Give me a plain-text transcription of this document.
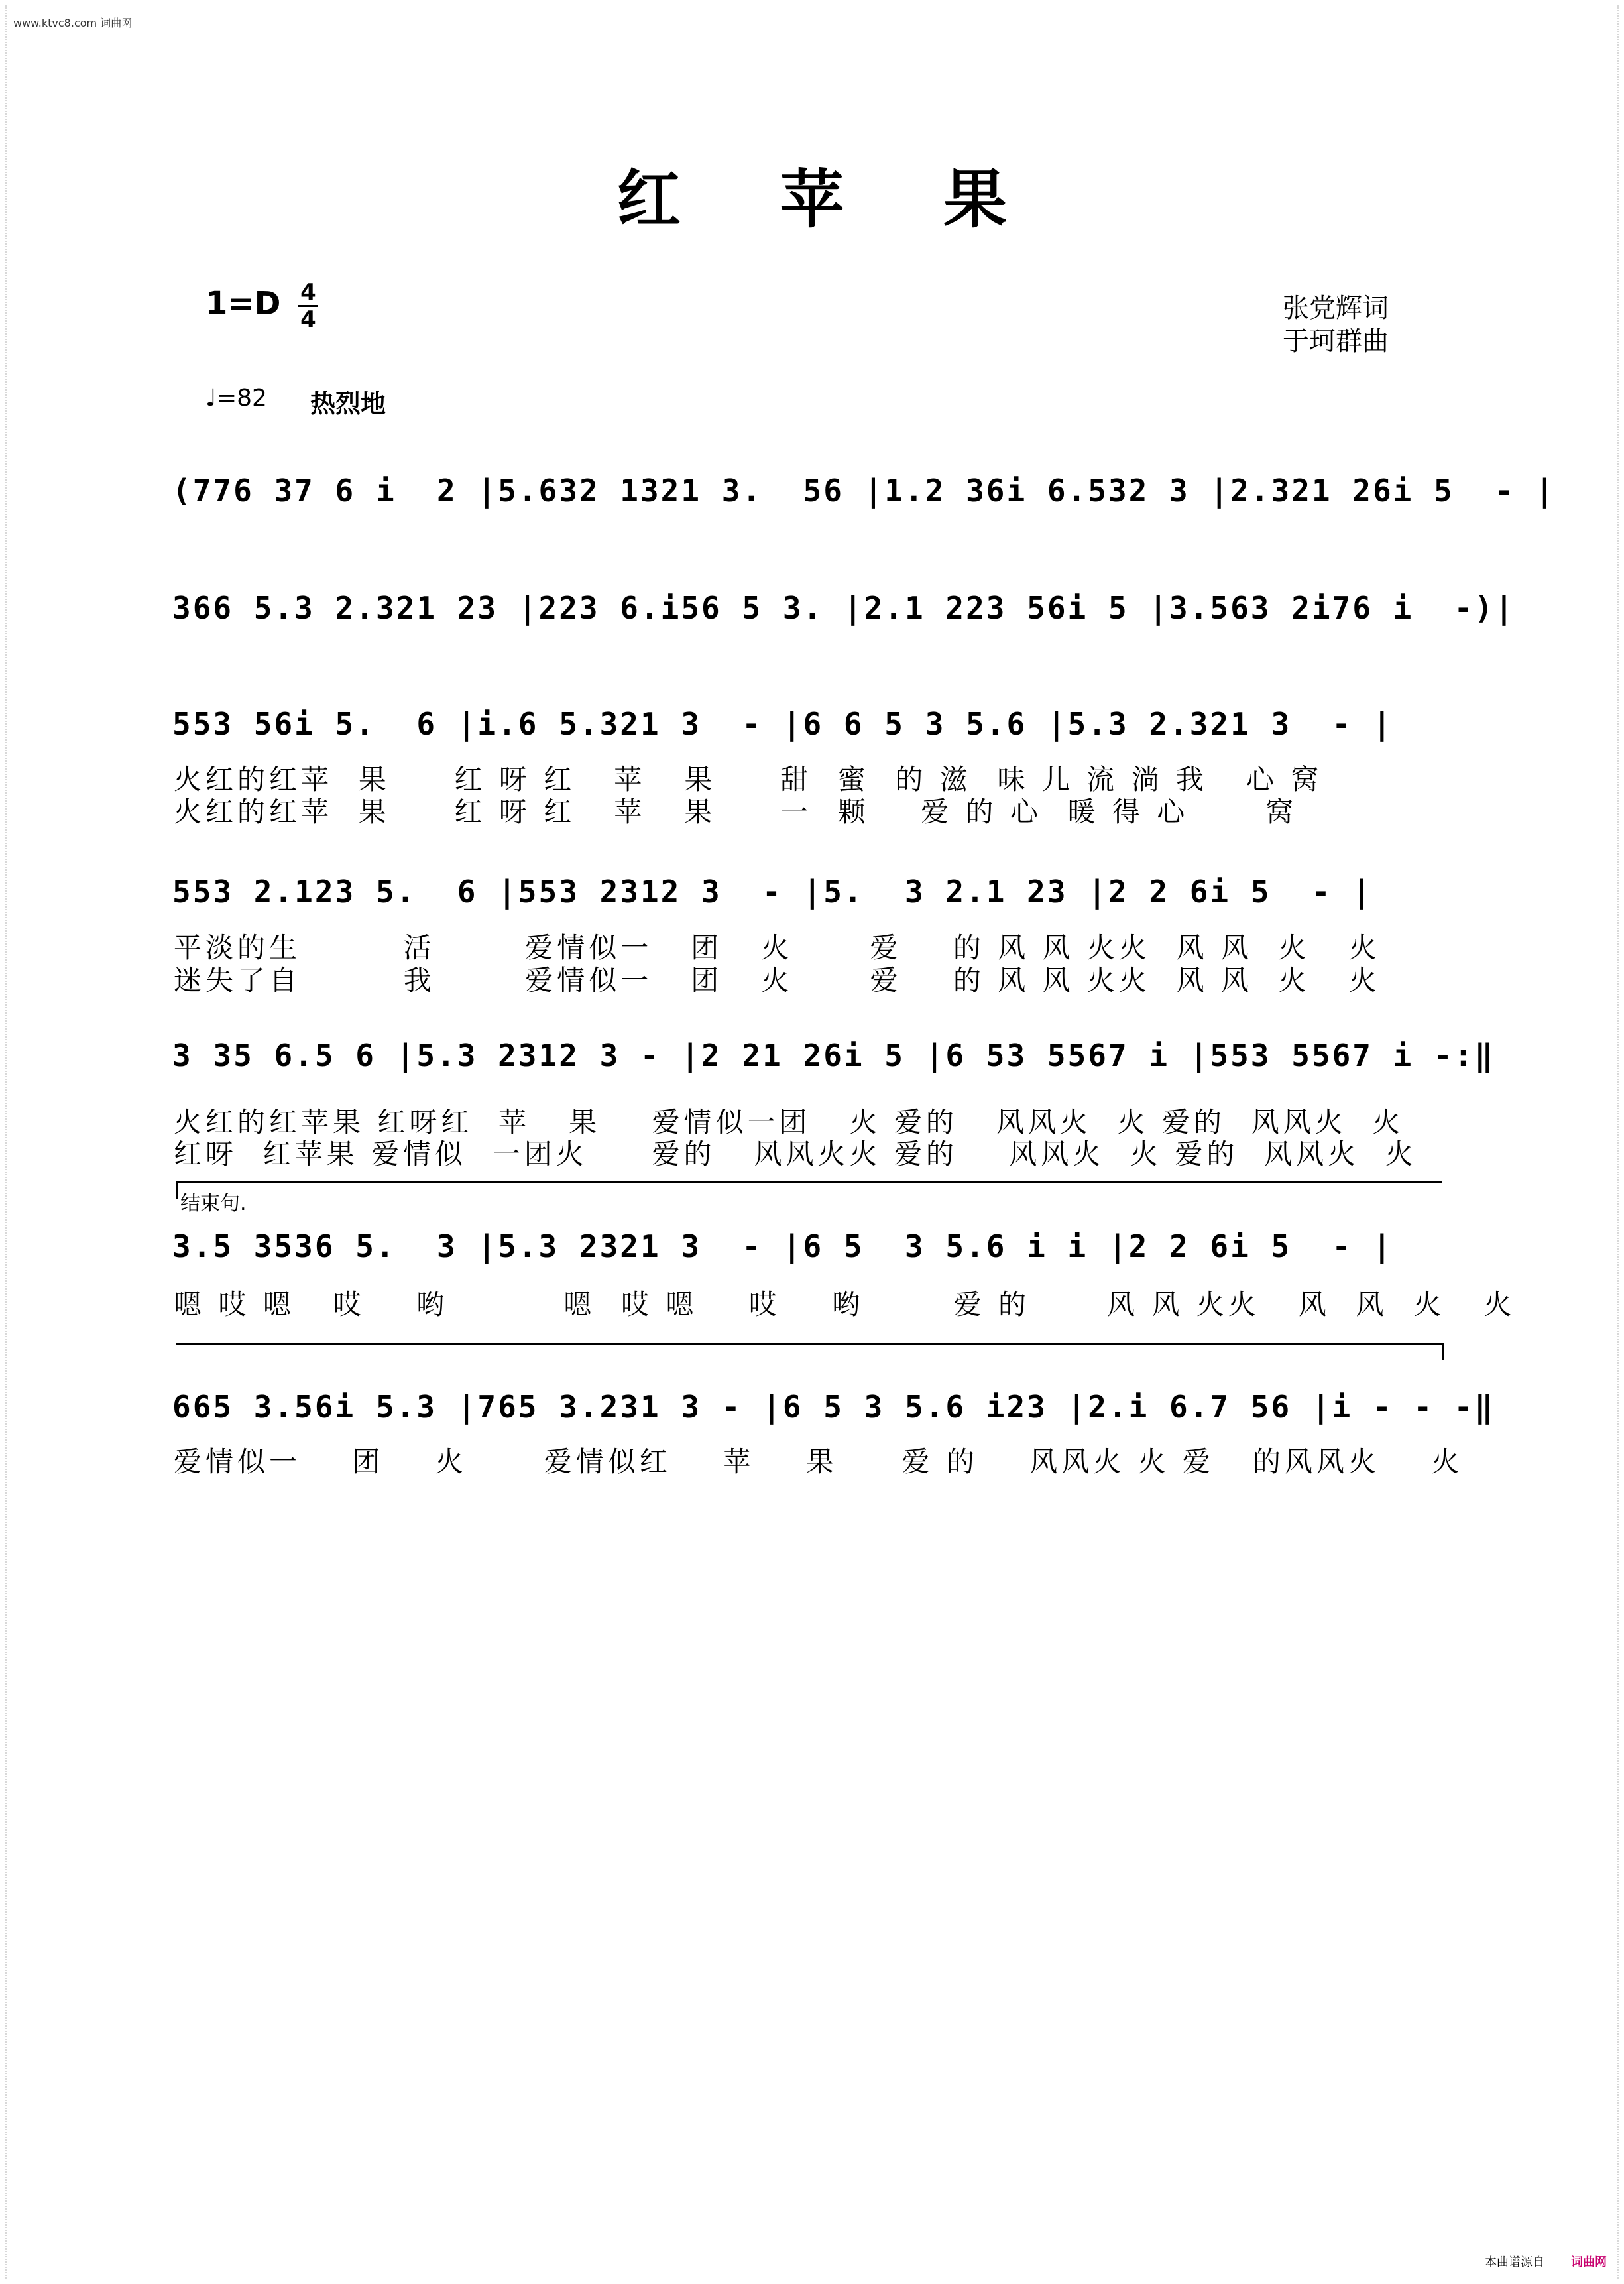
www.ktvc8.com 词曲网
红苹果
$1=D \frac{4}{4}$	张党辉词
于珂群曲
♩=82 热烈地
(776 37 6 i  2 |5.632 1321 3.  56 |1.2 36i 6.532 3 |2.321 26i 5  - |
366 5.3 2.321 23 |223 6.i56 5 3. |2.1 223 56i 5 |3.563 2i76 i  -)|
553 56i 5.  6 |i.6 5.321 3  - |6 6 5 3 5.6 |5.3 2.321 3  - |
火红的红苹  果     红 呀 红   苹   果     甜  蜜  的 滋  味 儿 流 淌 我   心 窝
火红的红苹  果     红 呀 红   苹   果     一  颗    爱 的 心  暖 得 心      窝
553 2.123 5.  6 |553 2312 3  - |5.  3 2.1 23 |2 2 6i 5  - |
平淡的生        活       爱情似一   团   火      爱    的 风 风 火火  风 风  火   火
迷失了自        我       爱情似一   团   火      爱    的 风 风 火火  风 风  火   火
3 35 6.5 6 |5.3 2312 3 - |2 21 26i 5 |6 53 5567 i |553 5567 i -:‖
火红的红苹果 红呀红  苹   果    爱情似一团   火 爱的   风风火  火 爱的  风风火  火
红呀  红苹果 爱情似  一团火     爱的   风风火火 爱的    风风火  火 爱的  风风火  火
结束句.
3.5 3536 5.  3 |5.3 2321 3  - |6 5  3 5.6 i i |2 2 6i 5  - |
嗯 哎 嗯   哎    哟         嗯  哎 嗯    哎    哟       爱 的      风 风 火火   风  风  火   火
665 3.56i 5.3 |765 3.231 3 - |6 5 3 5.6 i23 |2.i 6.7 56 |i - - -‖
爱情似一    团    火      爱情似红    苹    果     爱 的    风风火 火 爱   的风风火    火
本曲谱源自 词曲网
